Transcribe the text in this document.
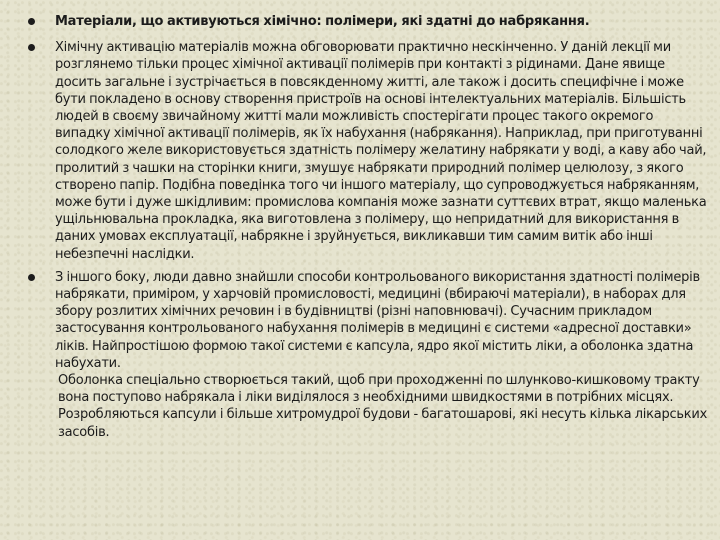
Матеріали, що активуються хімічно: полімери, які здатні до набрякання.

Хімічну активацію матеріалів можна обговорювати практично нескінченно. У даній лекції ми розглянемо тільки процес хімічної активації полімерів при контакті з рідинами. Дане явище досить загальне і зустрічається в повсякденному житті, але також і досить специфічне і може бути покладено в основу створення пристроїв на основі інтелектуальних матеріалів. Більшість людей в своєму звичайному житті мали можливість спостерігати процес такого окремого випадку хімічної активації полімерів, як їх набухання (набрякання). Наприклад, при приготуванні солодкого желе використовується здатність полімеру желатину набрякати у воді, а каву або чай, пролитий з чашки на сторінки книги, змушує набрякати природний полімер целюлозу, з якого створено папір. Подібна поведінка того чи іншого матеріалу, що супроводжується набряканням, може бути і дуже шкідливим: промислова компанія може зазнати суттєвих втрат, якщо маленька ущільнювальна прокладка, яка виготовлена з полімеру, що непридатний для використання в даних умовах експлуатації, набрякне і зруйнується, викликавши тим самим витік або інші небезпечні наслідки.

З іншого боку, люди давно знайшли способи контрольованого використання здатності полімерів набрякати, приміром, у харчовій промисловості, медицині (вбираючі матеріали), в наборах для збору розлитих хімічних речовин і в будівництві (різні наповнювачі). Сучасним прикладом застосування контрольованого набухання полімерів в медицині є системи «адресної доставки» ліків. Найпростішою формою такої системи є капсула, ядро якої містить ліки, а оболонка здатна набухати.

Оболонка спеціально створюється такий, щоб при проходженні по шлунково-кишковому тракту вона поступово набрякала і ліки виділялося з необхідними швидкостями в потрібних місцях. Розробляються капсули і більше хитромудрої будови - багатошарові, які несуть кілька лікарських засобів.
